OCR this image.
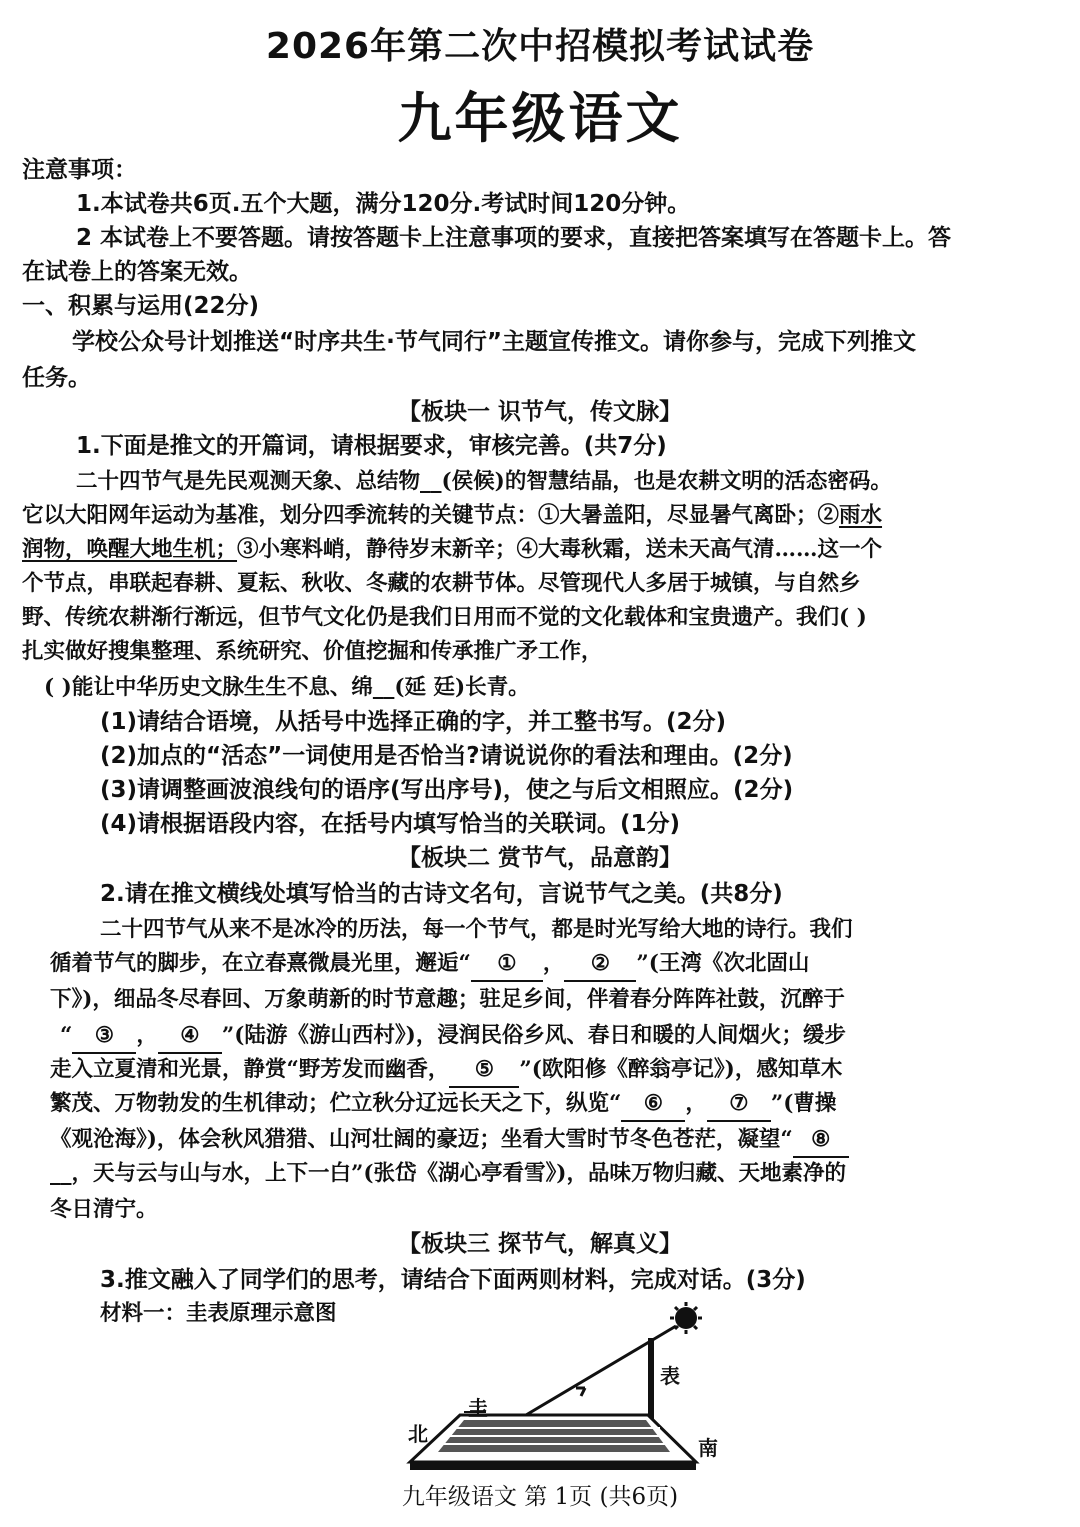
2026年第二次中招模拟考试试卷
九年级语文
注意事项：
1.本试卷共6页.五个大题，满分120分.考试时间120分钟。
2 本试卷上不要答题。请按答题卡上注意事项的要求，直接把答案填写在答题卡上。答
在试卷上的答案无效。
一、积累与运用(22分)
学校公众号计划推送“时序共生·节气同行”主题宣传推文。请你参与，完成下列推文
任务。
【板块一 识节气，传文脉】
1.下面是推文的开篇词，请根据要求，审核完善。(共7分)
二十四节气是先民观测天象、总结物__(侯候)的智慧结晶，也是农耕文明的活态密码。
它以大阳网年运动为基准，划分四季流转的关键节点：①大暑盖阳，尽显暑气离卧；②雨水
润物，唤醒大地生机；③小寒料峭，静待岁末新辛；④大毒秋霜，送未天高气清……这一个
个节点，串联起春耕、夏耘、秋收、冬藏的农耕节体。尽管现代人多居于城镇，与自然乡
野、传统农耕渐行渐远，但节气文化仍是我们日用而不觉的文化载体和宝贵遗产。我们( )
扎实做好搜集整理、系统研究、价值挖掘和传承推广矛工作，
( )能让中华历史文脉生生不息、绵__(延 廷)长青。
(1)请结合语境，从括号中选择正确的字，并工整书写。(2分)
(2)加点的“活态”一词使用是否恰当?请说说你的看法和理由。(2分)
(3)请调整画波浪线句的语序(写出序号)，使之与后文相照应。(2分)
(4)请根据语段内容，在括号内填写恰当的关联词。(1分)
【板块二 赏节气，品意韵】
2.请在推文横线处填写恰当的古诗文名句，言说节气之美。(共8分)
二十四节气从来不是冰冷的历法，每一个节气，都是时光写给大地的诗行。我们
循着节气的脚步，在立春熹微晨光里，邂逅“ ① ， ② ”(王湾《次北固山
下》)，细品冬尽春回、万象萌新的时节意趣；驻足乡间，伴着春分阵阵社鼓，沉醉于
“ ③ ， ④ ”(陆游《游山西村》)，浸润民俗乡风、春日和暖的人间烟火；缓步
走入立夏清和光景，静赏“野芳发而幽香， ⑤ ”(欧阳修《醉翁亭记》)，感知草木
繁茂、万物勃发的生机律动；伫立秋分辽远长天之下，纵览“ ⑥ ， ⑦ ”(曹操
《观沧海》)，体会秋风猎猎、山河壮阔的豪迈；坐看大雪时节冬色苍茫，凝望“ ⑧
__，天与云与山与水，上下一白”(张岱《湖心亭看雪》)，品味万物归藏、天地素净的
冬日清宁。
【板块三 探节气，解真义】
3.推文融入了同学们的思考，请结合下面两则材料，完成对话。(3分)
材料一：圭表原理示意图
圭
表
北
南
九年级语文 第 1页 (共6页)
